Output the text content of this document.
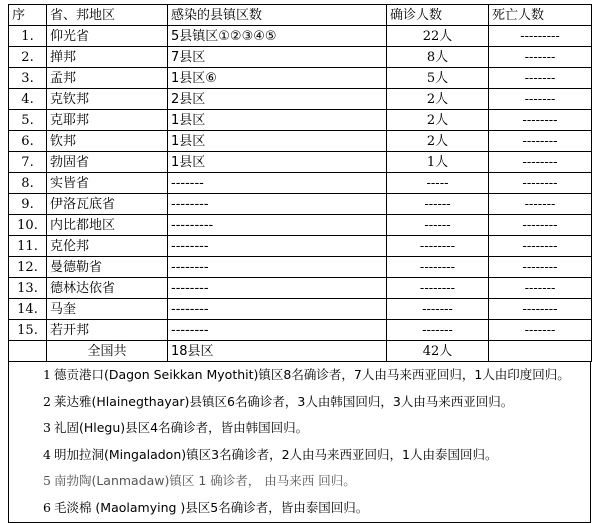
序	省、邦地区	感染的县镇区数	确诊人数	死亡人数
1.	仰光省	5县镇区①②③④⑤	22人	---------
2.	掸邦	7县区	8人	-------
3.	孟邦	1县区⑥	5人	-------
4.	克钦邦	2县区	2人	-------
5.	克耶邦	1县区	2人	--------
6.	钦邦	1县区	2人	--------
7.	勃固省	1县区	1人	--------
8.	实皆省	-------	-----	--------
9.	伊洛瓦底省	--------	------	-------
10.	内比都地区	---------	------	--------
11.	克伦邦	--------	--------	--------
12.	曼德勒省	--------	--------	--------
13.	德林达依省	--------	--------	-------
14.	马奎	--------	-------	--------
15.	若开邦	--------	-------	-------
	全国共	18县区	42人	
1 德贡港口(Dagon Seikkan Myothit)镇区8名确诊者，7人由马来西亚回归，1人由印度回归。
2 莱达雅(Hlainegthayar)县镇区6名确诊者，3人由韩国回归，3人由马来西亚回归。
3 礼固(Hlegu)县区4名确诊者，皆由韩国回归。
4 明加拉洞(Mingaladon)镇区3名确诊者，2人由马来西亚回归，1人由泰国回归。
5 南勃陶(Lanmadaw)镇区 1 确诊者， 由马来西 回归。
6 毛淡棉 (Maolamying )县区5名确诊者，皆由泰国回归。
